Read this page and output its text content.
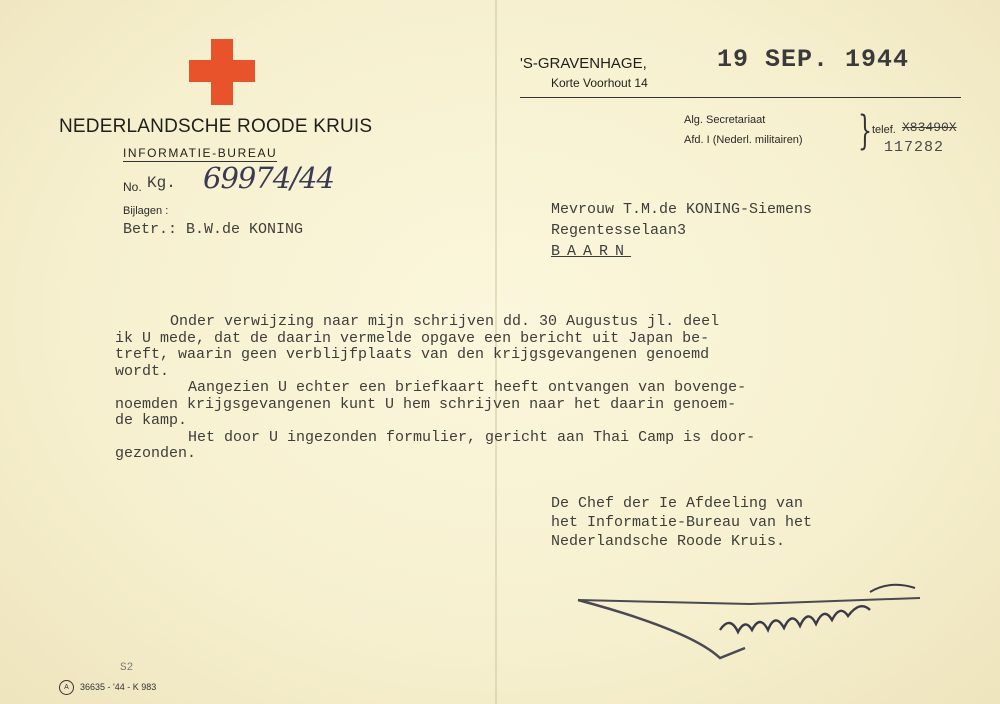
NEDERLANDSCHE ROODE KRUIS
INFORMATIE-BUREAU
No. Kg. 69974/44
Bijlagen :
Betr.: B.W.de KONING
'S-GRAVENHAGE,
Korte Voorhout 14
19 SEP. 1944
Alg. Secretariaat
Afd. I (Nederl. militairen) } telef. X83490X
117282
Mevrouw T.M.de KONING-Siemens
Regentesselaan3
BAARN
Onder verwijzing naar mijn schrijven dd. 30 Augustus jl. deel
ik U mede, dat de daarin vermelde opgave een bericht uit Japan be-
treft, waarin geen verblijfplaats van den krijgsgevangenen genoemd
wordt.
Aangezien U echter een briefkaart heeft ontvangen van bovenge-
noemden krijgsgevangenen kunt U hem schrijven naar het daarin genoem-
de kamp.
Het door U ingezonden formulier, gericht aan Thai Camp is door-
gezonden.
De Chef der Ie Afdeeling van
het Informatie-Bureau van het
Nederlandsche Roode Kruis.
S2
A 36635 - '44 - K 983
